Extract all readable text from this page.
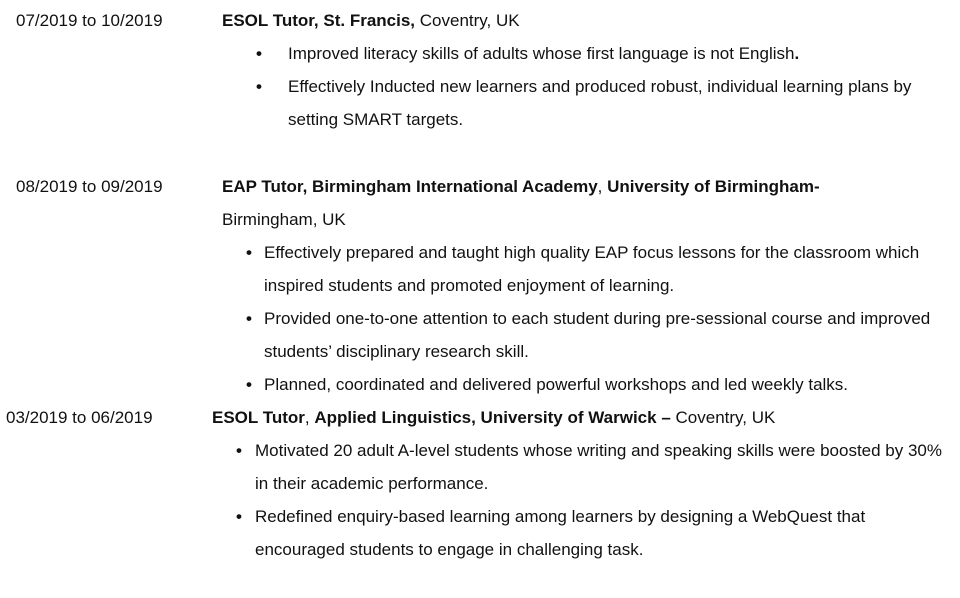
07/2019 to 10/2019	ESOL Tutor, St. Francis, Coventry, UK
• Improved literacy skills of adults whose first language is not English.
• Effectively Inducted new learners and produced robust, individual learning plans by setting SMART targets.
08/2019 to 09/2019	EAP Tutor, Birmingham International Academy, University of Birmingham-
Birmingham, UK
• Effectively prepared and taught high quality EAP focus lessons for the classroom which inspired students and promoted enjoyment of learning.
• Provided one-to-one attention to each student during pre-sessional course and improved students’ disciplinary research skill.
• Planned, coordinated and delivered powerful workshops and led weekly talks.
03/2019 to 06/2019	ESOL Tutor, Applied Linguistics, University of Warwick – Coventry, UK
• Motivated 20 adult A-level students whose writing and speaking skills were boosted by 30% in their academic performance.
• Redefined enquiry-based learning among learners by designing a WebQuest that encouraged students to engage in challenging task.
